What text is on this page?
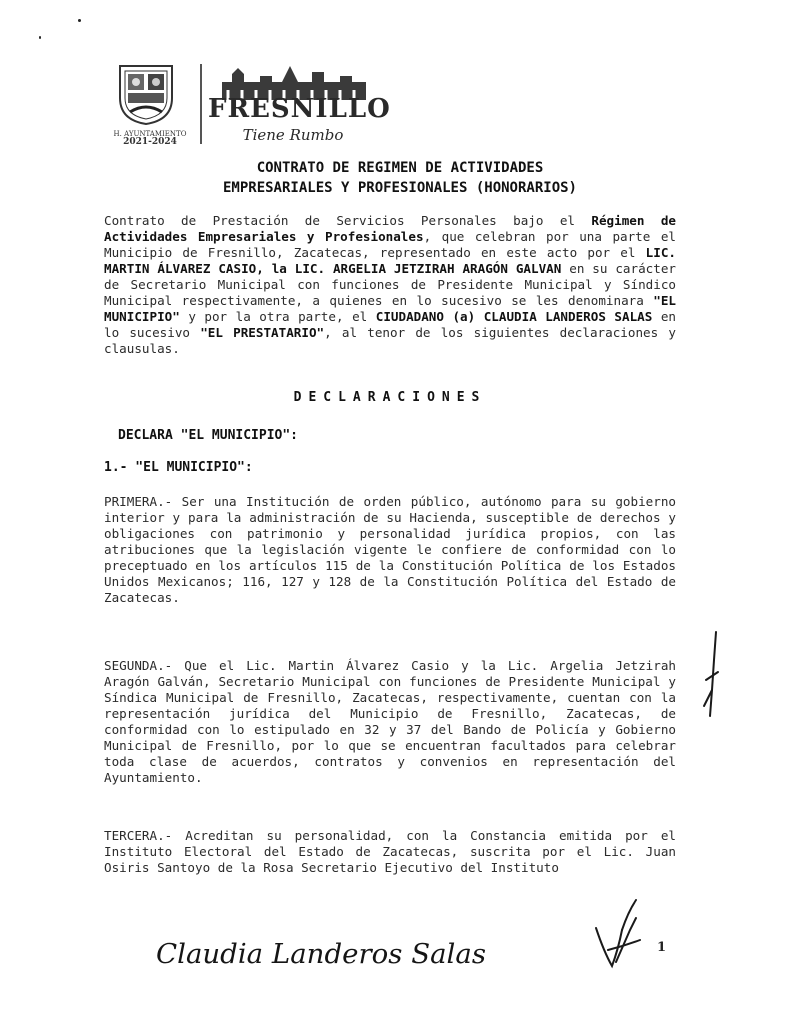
H. AYUNTAMIENTO
2021-2024
FRESNILLO
Tiene Rumbo
CONTRATO DE REGIMEN DE ACTIVIDADES
EMPRESARIALES Y PROFESIONALES (HONORARIOS)

Contrato de Prestación de Servicios Personales bajo el Régimen de Actividades Empresariales y Profesionales, que celebran por una parte el Municipio de Fresnillo, Zacatecas, representado en este acto por el LIC. MARTIN ÁLVAREZ CASIO, la LIC. ARGELIA JETZIRAH ARAGÓN GALVAN en su carácter de Secretario Municipal con funciones de Presidente Municipal y Síndico Municipal respectivamente, a quienes en lo sucesivo se les denominara "EL MUNICIPIO" y por la otra parte, el CIUDADANO (a) CLAUDIA LANDEROS SALAS en lo sucesivo "EL PRESTATARIO", al tenor de los siguientes declaraciones y clausulas.

DECLARACIONES
DECLARA "EL MUNICIPIO":
1.- "EL MUNICIPIO":

PRIMERA.- Ser una Institución de orden público, autónomo para su gobierno interior y para la administración de su Hacienda, susceptible de derechos y obligaciones con patrimonio y personalidad jurídica propios, con las atribuciones que la legislación vigente le confiere de conformidad con lo preceptuado en los artículos 115 de la Constitución Política de los Estados Unidos Mexicanos; 116, 127 y 128 de la Constitución Política del Estado de Zacatecas.

SEGUNDA.- Que el Lic. Martin Álvarez Casio y la Lic. Argelia Jetzirah Aragón Galván, Secretario Municipal con funciones de Presidente Municipal y Síndica Municipal de Fresnillo, Zacatecas, respectivamente, cuentan con la representación jurídica del Municipio de Fresnillo, Zacatecas, de conformidad con lo estipulado en 32 y 37 del Bando de Policía y Gobierno Municipal de Fresnillo, por lo que se encuentran facultados para celebrar toda clase de acuerdos, contratos y convenios en representación del Ayuntamiento.

TERCERA.- Acreditan su personalidad, con la Constancia emitida por el Instituto Electoral del Estado de Zacatecas, suscrita por el Lic. Juan Osiris Santoyo de la Rosa Secretario Ejecutivo del Instituto

Claudia Landeros Salas	1
